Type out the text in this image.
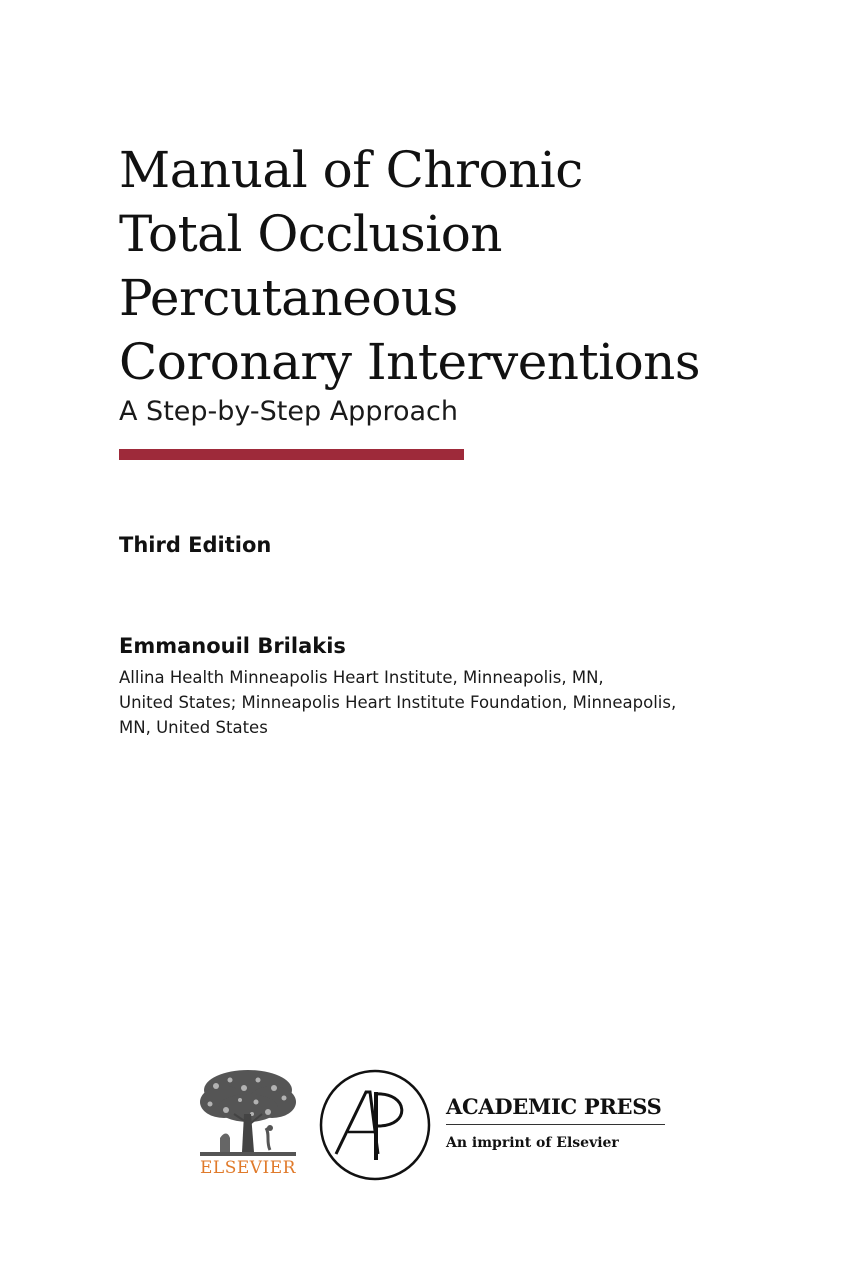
Manual of Chronic
Total Occlusion
Percutaneous
Coronary Interventions
A Step-by-Step Approach
Third Edition
Emmanouil Brilakis
Allina Health Minneapolis Heart Institute, Minneapolis, MN,
United States; Minneapolis Heart Institute Foundation, Minneapolis,
MN, United States
ELSEVIER
ACADEMIC PRESS
An imprint of Elsevier
